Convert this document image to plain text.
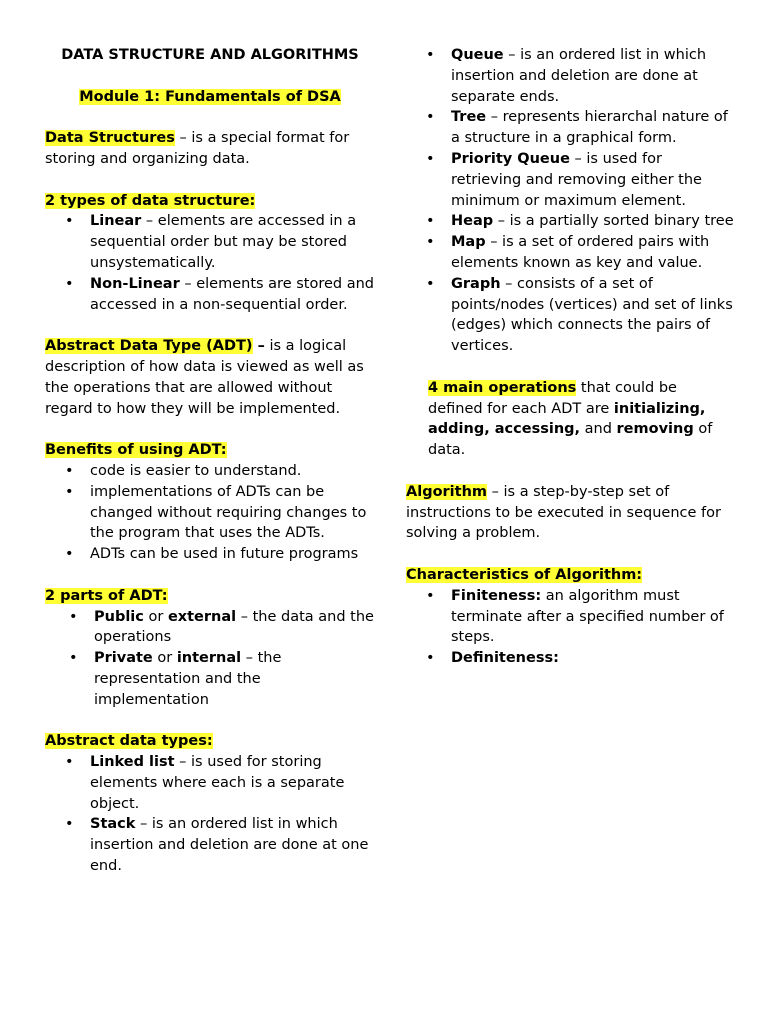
DATA STRUCTURE AND ALGORITHMS

Module 1: Fundamentals of DSA

Data Structures – is a special format for storing and organizing data.

2 types of data structure:

• Linear – elements are accessed in a sequential order but may be stored unsystematically.
• Non-Linear – elements are stored and accessed in a non-sequential order.

Abstract Data Type (ADT) – is a logical description of how data is viewed as well as the operations that are allowed without regard to how they will be implemented.

Benefits of using ADT:

• code is easier to understand.
• implementations of ADTs can be changed without requiring changes to the program that uses the ADTs.
• ADTs can be used in future programs

2 parts of ADT:

• Public or external – the data and the operations
• Private or internal – the representation and the implementation

Abstract data types:

• Linked list – is used for storing elements where each is a separate object.
• Stack – is an ordered list in which insertion and deletion are done at one end.
• Queue – is an ordered list in which insertion and deletion are done at separate ends.
• Tree – represents hierarchal nature of a structure in a graphical form.
• Priority Queue – is used for retrieving and removing either the minimum or maximum element.
• Heap – is a partially sorted binary tree
• Map – is a set of ordered pairs with elements known as key and value.
• Graph – consists of a set of points/nodes (vertices) and set of links (edges) which connects the pairs of vertices.

4 main operations that could be defined for each ADT are initializing, adding, accessing, and removing of data.

Algorithm – is a step-by-step set of instructions to be executed in sequence for solving a problem.

Characteristics of Algorithm:

• Finiteness: an algorithm must terminate after a specified number of steps.
• Definiteness:
